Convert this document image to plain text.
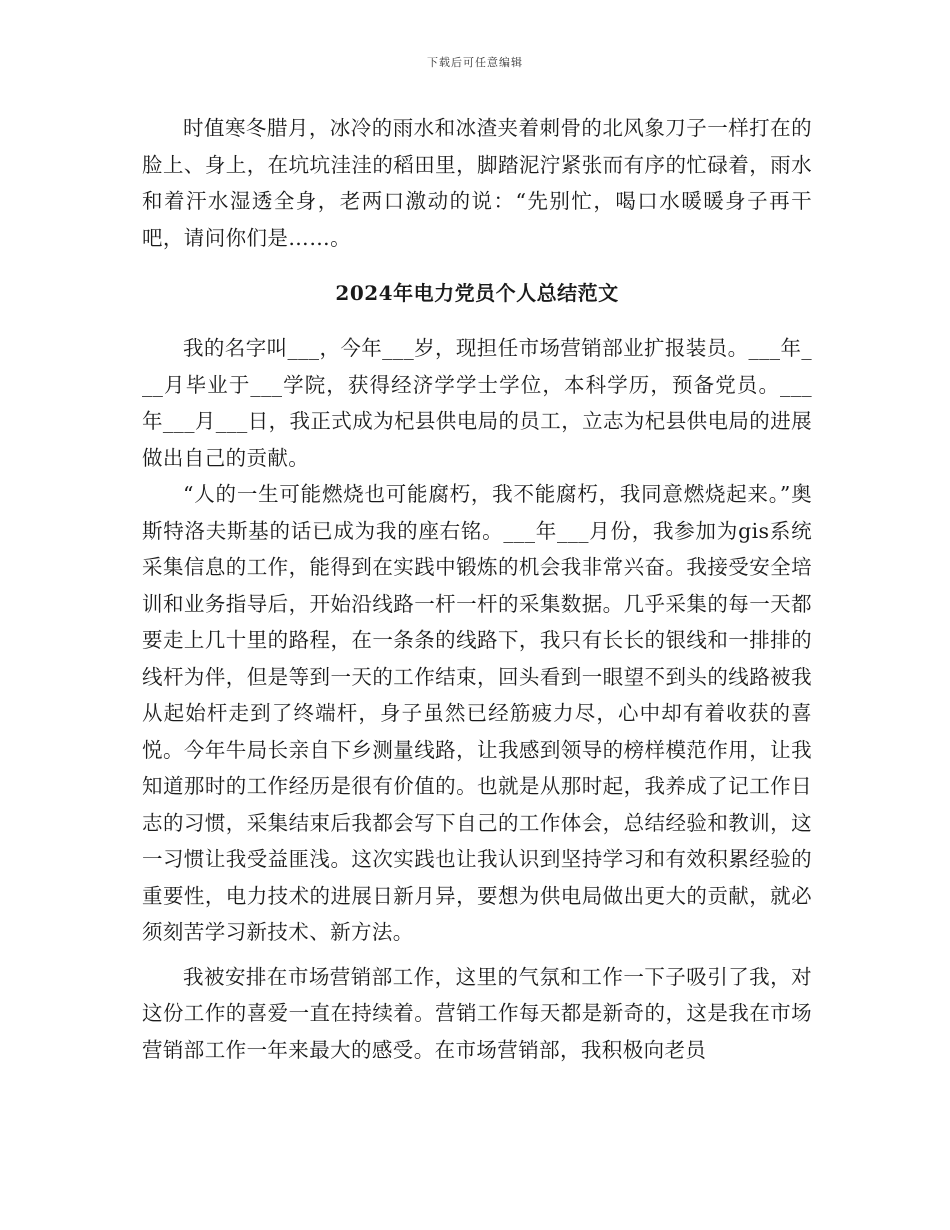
下载后可任意编辑

时值寒冬腊月，冰冷的雨水和冰渣夹着刺骨的北风象刀子一样打在的脸上、身上，在坑坑洼洼的稻田里，脚踏泥泞紧张而有序的忙碌着，雨水和着汗水湿透全身，老两口激动的说：“先别忙，喝口水暖暖身子再干吧，请问你们是……。

2024年电力党员个人总结范文

我的名字叫___，今年___岁，现担任市场营销部业扩报装员。___年___月毕业于___学院，获得经济学学士学位，本科学历，预备党员。___年___月___日，我正式成为杞县供电局的员工，立志为杞县供电局的进展做出自己的贡献。

“人的一生可能燃烧也可能腐朽，我不能腐朽，我同意燃烧起来。”奥斯特洛夫斯基的话已成为我的座右铭。___年___月份，我参加为gis系统采集信息的工作，能得到在实践中锻炼的机会我非常兴奋。我接受安全培训和业务指导后，开始沿线路一杆一杆的采集数据。几乎采集的每一天都要走上几十里的路程，在一条条的线路下，我只有长长的银线和一排排的线杆为伴，但是等到一天的工作结束，回头看到一眼望不到头的线路被我从起始杆走到了终端杆，身子虽然已经筋疲力尽，心中却有着收获的喜悦。今年牛局长亲自下乡测量线路，让我感到领导的榜样模范作用，让我知道那时的工作经历是很有价值的。也就是从那时起，我养成了记工作日志的习惯，采集结束后我都会写下自己的工作体会，总结经验和教训，这一习惯让我受益匪浅。这次实践也让我认识到坚持学习和有效积累经验的重要性，电力技术的进展日新月异，要想为供电局做出更大的贡献，就必须刻苦学习新技术、新方法。

我被安排在市场营销部工作，这里的气氛和工作一下子吸引了我，对这份工作的喜爱一直在持续着。营销工作每天都是新奇的，这是我在市场营销部工作一年来最大的感受。在市场营销部，我积极向老员
